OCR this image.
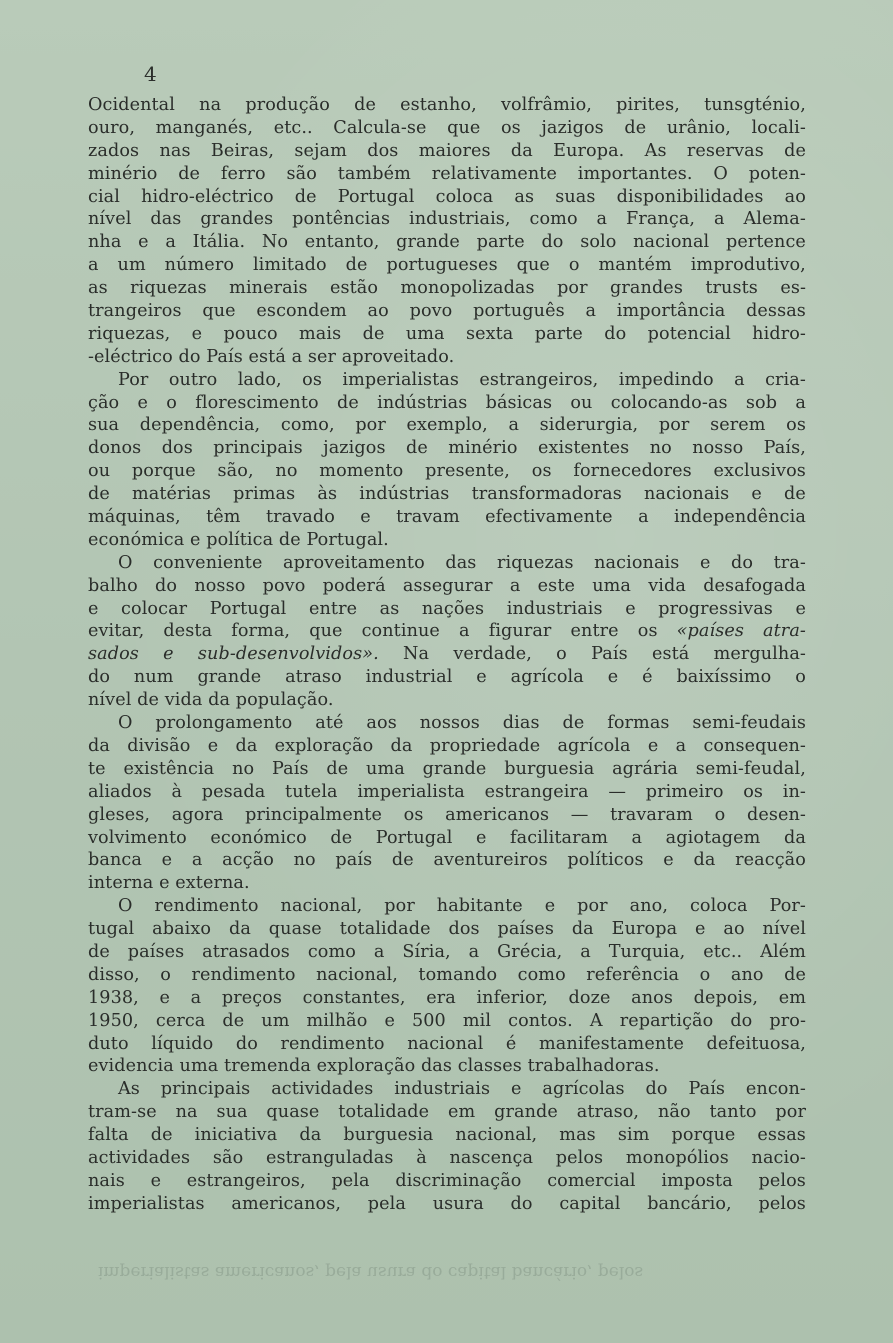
4
Ocidental na produção de estanho, volfrâmio, pirites, tunsgténio,
ouro, manganés, etc.. Calcula-se que os jazigos de urânio, locali-
zados nas Beiras, sejam dos maiores da Europa. As reservas de
minério de ferro são também relativamente importantes. O poten-
cial hidro-eléctrico de Portugal coloca as suas disponibilidades ao
nível das grandes pontências industriais, como a França, a Alema-
nha e a Itália. No entanto, grande parte do solo nacional pertence
a um número limitado de portugueses que o mantém improdutivo,
as riquezas minerais estão monopolizadas por grandes trusts es-
trangeiros que escondem ao povo português a importância dessas
riquezas, e pouco mais de uma sexta parte do potencial hidro-
-eléctrico do País está a ser aproveitado.
Por outro lado, os imperialistas estrangeiros, impedindo a cria-
ção e o florescimento de indústrias básicas ou colocando-as sob a
sua dependência, como, por exemplo, a siderurgia, por serem os
donos dos principais jazigos de minério existentes no nosso País,
ou porque são, no momento presente, os fornecedores exclusivos
de matérias primas às indústrias transformadoras nacionais e de
máquinas, têm travado e travam efectivamente a independência
económica e política de Portugal.
O conveniente aproveitamento das riquezas nacionais e do tra-
balho do nosso povo poderá assegurar a este uma vida desafogada
e colocar Portugal entre as nações industriais e progressivas e
evitar, desta forma, que continue a figurar entre os «países atra-
sados e sub-desenvolvidos». Na verdade, o País está mergulha-
do num grande atraso industrial e agrícola e é baixíssimo o
nível de vida da população.
O prolongamento até aos nossos dias de formas semi-feudais
da divisão e da exploração da propriedade agrícola e a consequen-
te existência no País de uma grande burguesia agrária semi-feudal,
aliados à pesada tutela imperialista estrangeira — primeiro os in-
gleses, agora principalmente os americanos — travaram o desen-
volvimento económico de Portugal e facilitaram a agiotagem da
banca e a acção no país de aventureiros políticos e da reacção
interna e externa.
O rendimento nacional, por habitante e por ano, coloca Por-
tugal abaixo da quase totalidade dos países da Europa e ao nível
de países atrasados como a Síria, a Grécia, a Turquia, etc.. Além
disso, o rendimento nacional, tomando como referência o ano de
1938, e a preços constantes, era inferior, doze anos depois, em
1950, cerca de um milhão e 500 mil contos. A repartição do pro-
duto líquido do rendimento nacional é manifestamente defeituosa,
evidencia uma tremenda exploração das classes trabalhadoras.
As principais actividades industriais e agrícolas do País encon-
tram-se na sua quase totalidade em grande atraso, não tanto por
falta de iniciativa da burguesia nacional, mas sim porque essas
actividades são estranguladas à nascença pelos monopólios nacio-
nais e estrangeiros, pela discriminação comercial imposta pelos
imperialistas americanos, pela usura do capital bancário, pelos
imperialistas americanos, pela usura do capital bancário, pelos
